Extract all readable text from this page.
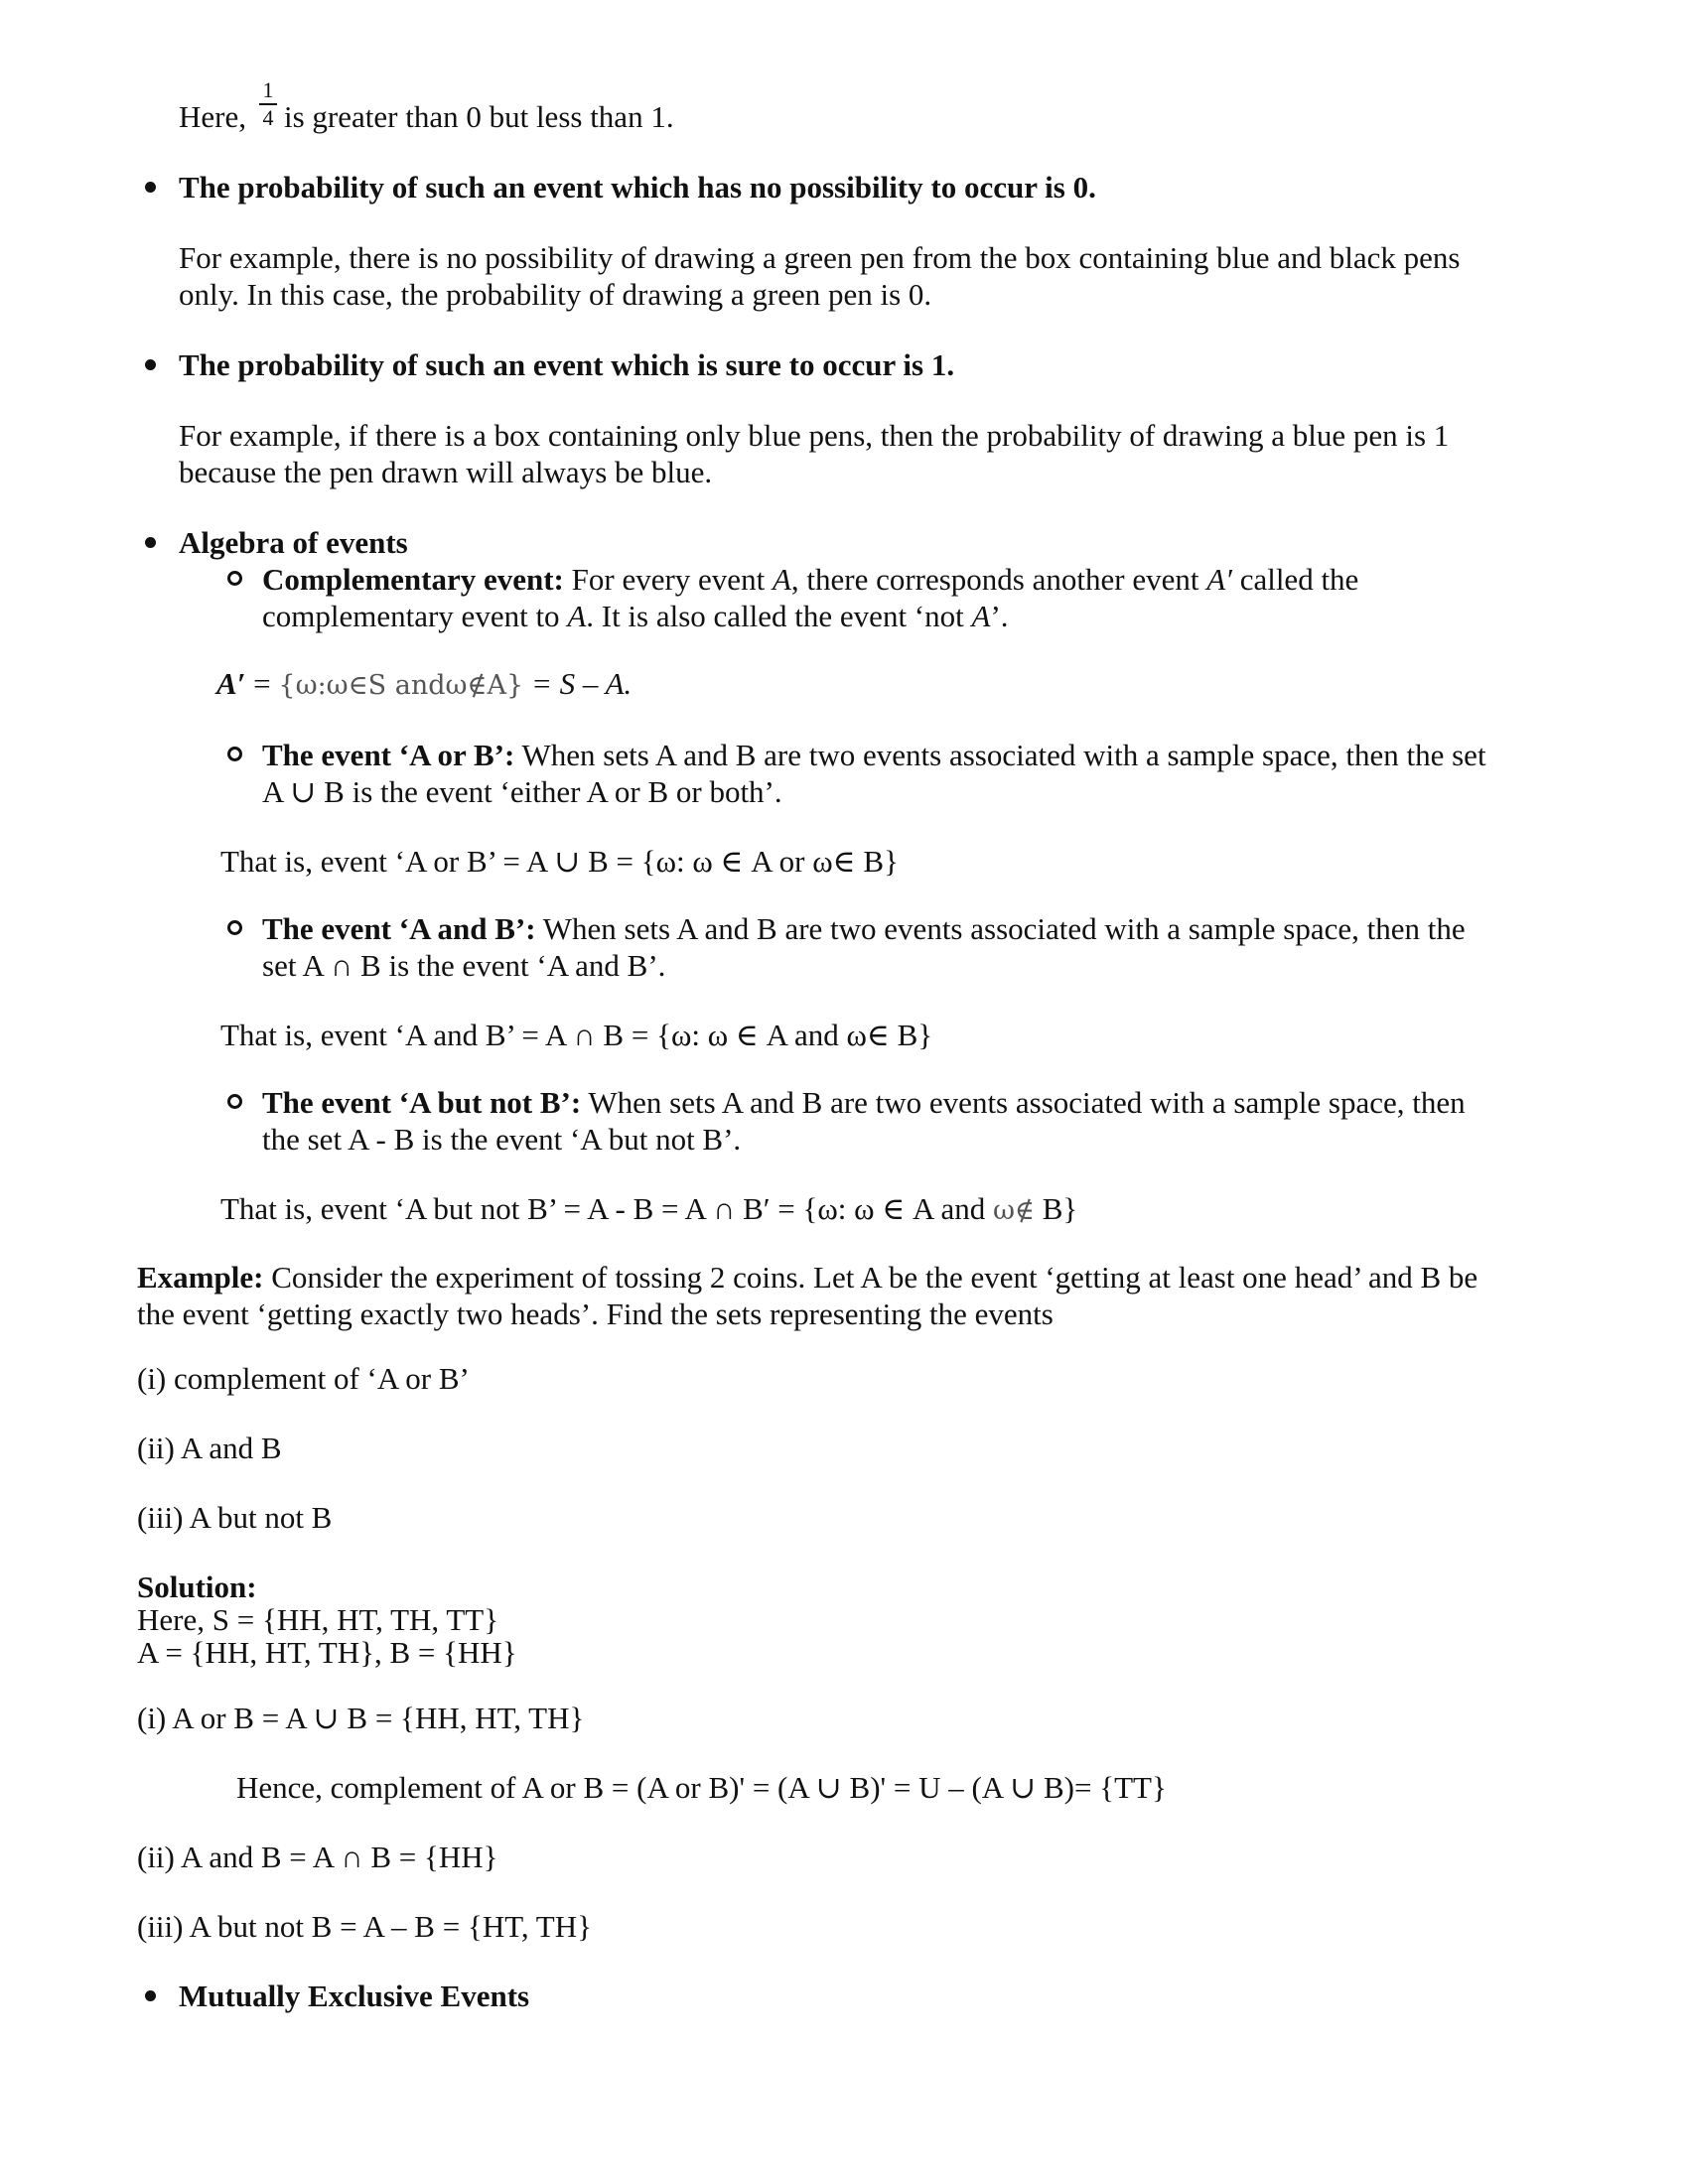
Here,
1
4 is greater than 0 but less than 1.
The probability of such an event which has no possibility to occur is 0.
For example, there is no possibility of drawing a green pen from the box containing blue and black pens
only. In this case, the probability of drawing a green pen is 0.
The probability of such an event which is sure to occur is 1.
For example, if there is a box containing only blue pens, then the probability of drawing a blue pen is 1
because the pen drawn will always be blue.
Algebra of events
Complementary event: For every event A, there corresponds another event A′ called the
complementary event to A. It is also called the event ‘not A’.
A′ = {ω:ω∈S andω∉A} = S – A.
The event ‘A or B’: When sets A and B are two events associated with a sample space, then the set
A ∪ B is the event ‘either A or B or both’.
That is, event ‘A or B’ = A ∪ B = {ω: ω ∈ A or ω∈ B}
The event ‘A and B’: When sets A and B are two events associated with a sample space, then the
set A ∩ B is the event ‘A and B’.
That is, event ‘A and B’ = A ∩ B = {ω: ω ∈ A and ω∈ B}
The event ‘A but not B’: When sets A and B are two events associated with a sample space, then
the set A - B is the event ‘A but not B’.
That is, event ‘A but not B’ = A - B = A ∩ B′ = {ω: ω ∈ A and ω∉ B}
Example: Consider the experiment of tossing 2 coins. Let A be the event ‘getting at least one head’ and B be
the event ‘getting exactly two heads’. Find the sets representing the events
(i) complement of ‘A or B’
(ii) A and B
(iii) A but not B
Solution:
Here, S = {HH, HT, TH, TT}
A = {HH, HT, TH}, B = {HH}
(i) A or B = A ∪ B = {HH, HT, TH}
Hence, complement of A or B = (A or B)' = (A ∪ B)' = U – (A ∪ B)= {TT}
(ii) A and B = A ∩ B = {HH}
(iii) A but not B = A – B = {HT, TH}
Mutually Exclusive Events
